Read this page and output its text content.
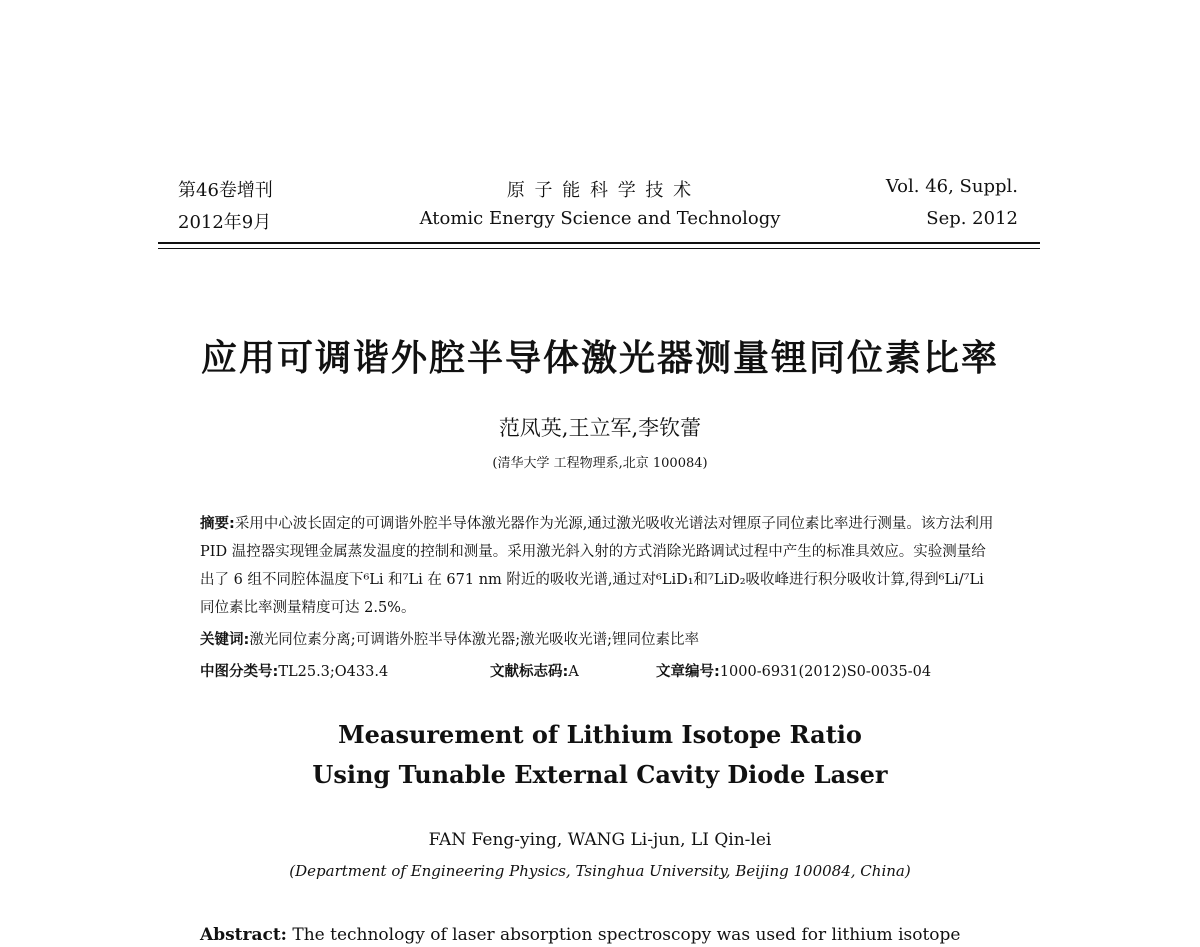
第46卷增刊
2012年9月
原 子 能 科 学 技 术
Atomic Energy Science and Technology
Vol. 46, Suppl.
Sep. 2012
应用可调谐外腔半导体激光器测量锂同位素比率
范凤英,王立军,李钦蕾
(清华大学 工程物理系,北京 100084)
摘要:采用中心波长固定的可调谐外腔半导体激光器作为光源,通过激光吸收光谱法对锂原子同位素比率进行测量。该方法利用 PID 温控器实现锂金属蒸发温度的控制和测量。采用激光斜入射的方式消除光路调试过程中产生的标准具效应。实验测量给出了 6 组不同腔体温度下⁶Li 和⁷Li 在 671 nm 附近的吸收光谱,通过对⁶LiD₁和⁷LiD₂吸收峰进行积分吸收计算,得到⁶Li/⁷Li 同位素比率测量精度可达 2.5%。
关键词:激光同位素分离;可调谐外腔半导体激光器;激光吸收光谱;锂同位素比率
中图分类号:TL25.3;O433.4	文献标志码:A	文章编号:1000-6931(2012)S0-0035-04
Measurement of Lithium Isotope Ratio
Using Tunable External Cavity Diode Laser
FAN Feng-ying, WANG Li-jun, LI Qin-lei
(Department of Engineering Physics, Tsinghua University, Beijing 100084, China)
Abstract: The technology of laser absorption spectroscopy was used for lithium isotope
